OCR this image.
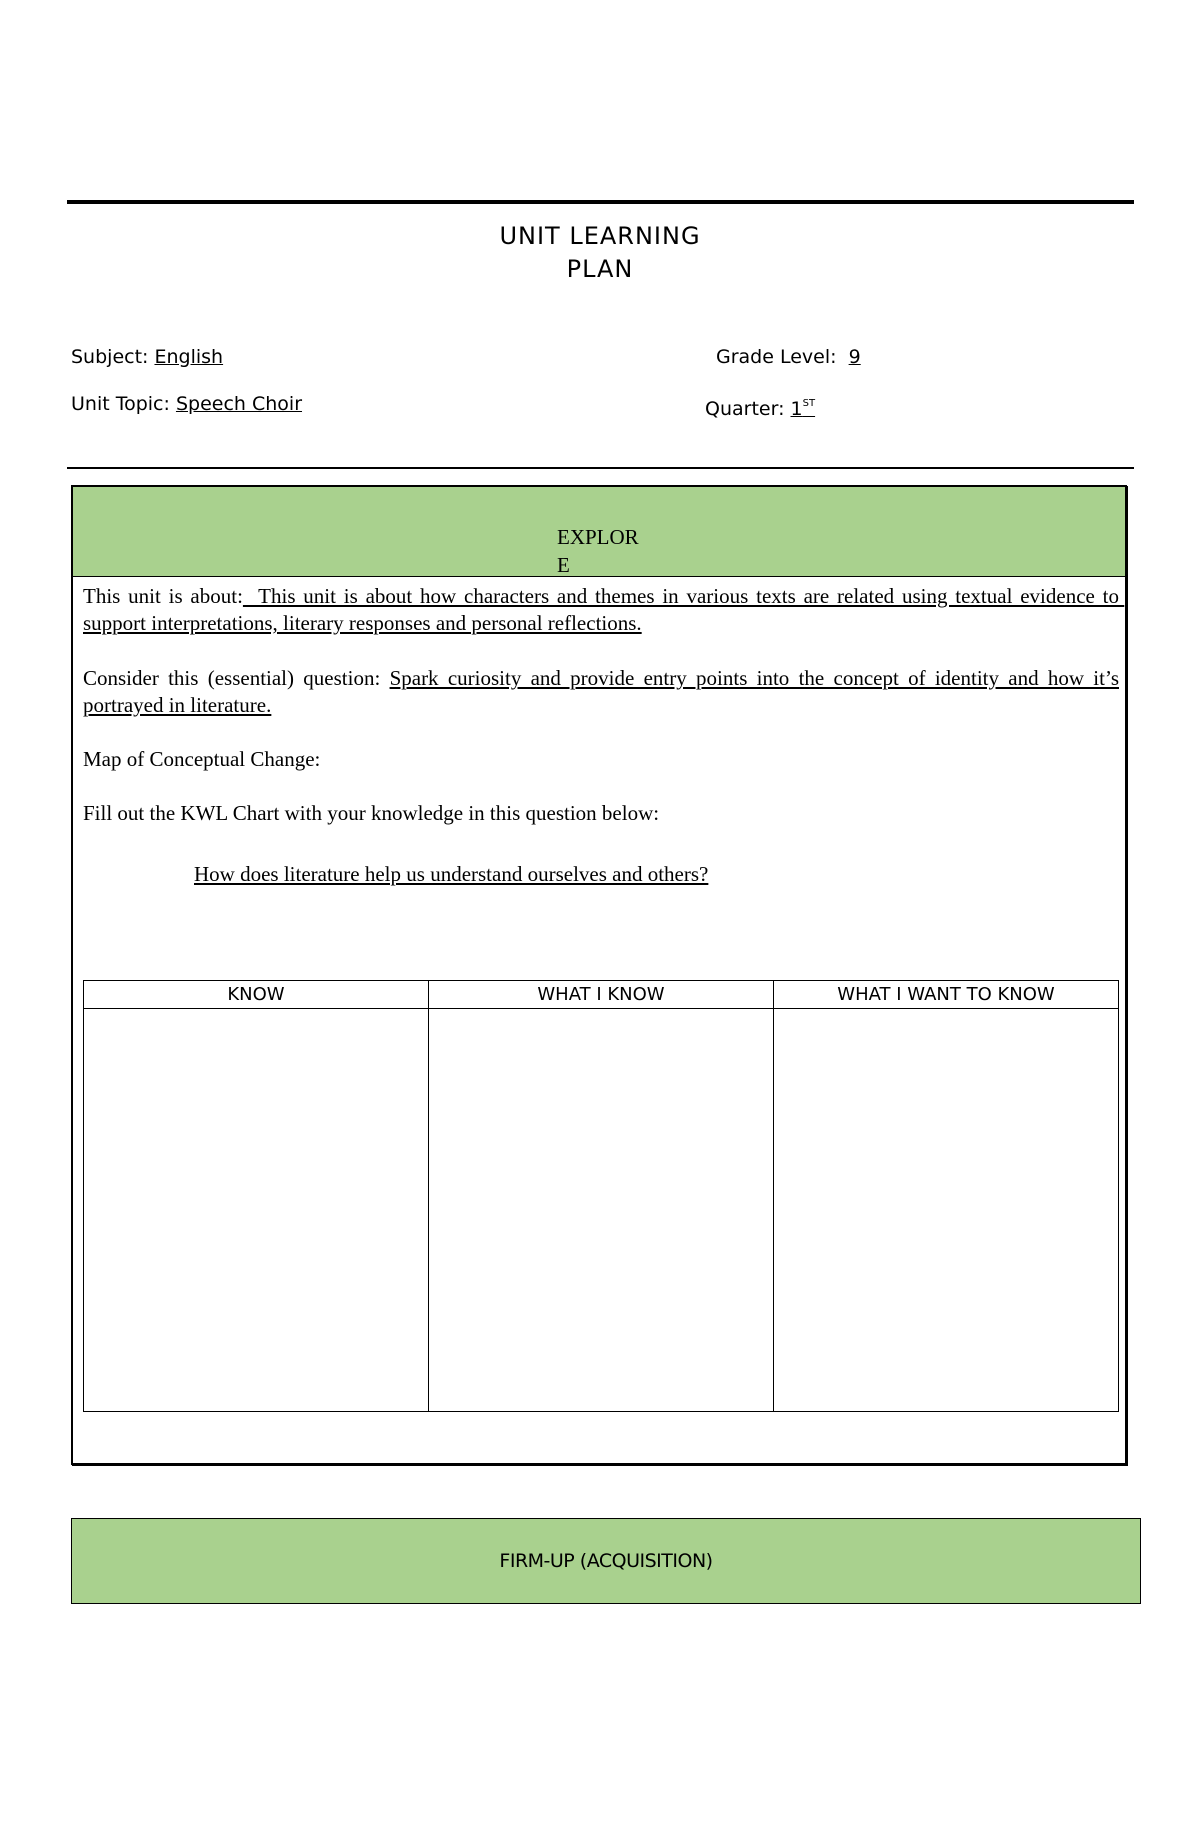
UNIT LEARNING
PLAN
Subject: English	Grade Level:  9
Unit Topic: Speech Choir	Quarter: 1ST
EXPLORE
This unit is about:  This unit is about how characters and themes in various texts are related using textual evidence to support interpretations, literary responses and personal reflections.
Consider this (essential) question: Spark curiosity and provide entry points into the concept of identity and how it’s portrayed in literature.
Map of Conceptual Change:
Fill out the KWL Chart with your knowledge in this question below:
How does literature help us understand ourselves and others?
KNOW	WHAT I KNOW	WHAT I WANT TO KNOW

FIRM-UP (ACQUISITION)
